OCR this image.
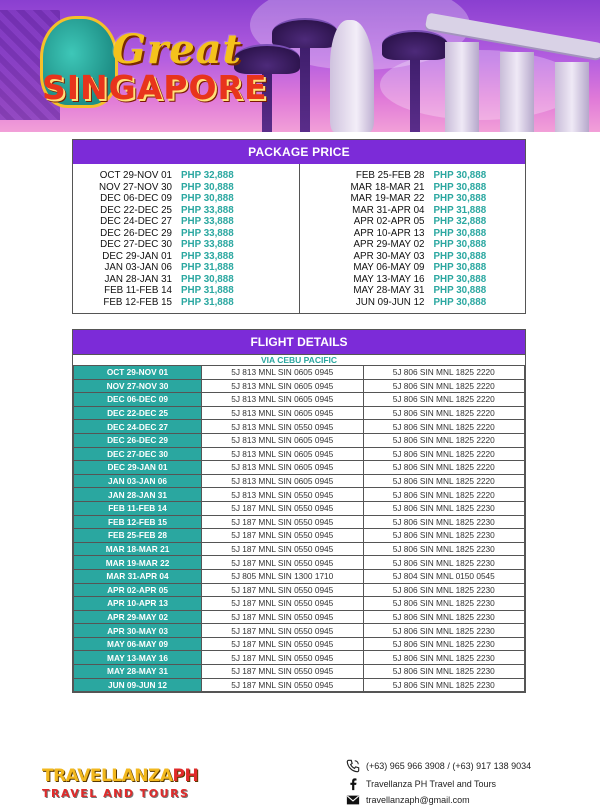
Great
SINGAPORE
PACKAGE PRICE
OCT 29-NOV 01 PHP 32,888
NOV 27-NOV 30 PHP 30,888
DEC 06-DEC 09 PHP 30,888
DEC 22-DEC 25 PHP 33,888
DEC 24-DEC 27 PHP 33,888
DEC 26-DEC 29 PHP 33,888
DEC 27-DEC 30 PHP 33,888
DEC 29-JAN 01 PHP 33,888
JAN 03-JAN 06 PHP 31,888
JAN 28-JAN 31 PHP 30,888
FEB 11-FEB 14 PHP 31,888
FEB 12-FEB 15 PHP 31,888
FEB 25-FEB 28 PHP 30,888
MAR 18-MAR 21 PHP 30,888
MAR 19-MAR 22 PHP 30,888
MAR 31-APR 04 PHP 31,888
APR 02-APR 05 PHP 32,888
APR 10-APR 13 PHP 30,888
APR 29-MAY 02 PHP 30,888
APR 30-MAY 03 PHP 30,888
MAY 06-MAY 09 PHP 30,888
MAY 13-MAY 16 PHP 30,888
MAY 28-MAY 31 PHP 30,888
JUN 09-JUN 12 PHP 30,888
FLIGHT DETAILS
VIA CEBU PACIFIC
OCT 29-NOV 01	5J 813 MNL SIN 0605 0945	5J 806 SIN MNL 1825 2220
NOV 27-NOV 30	5J 813 MNL SIN 0605 0945	5J 806 SIN MNL 1825 2220
DEC 06-DEC 09	5J 813 MNL SIN 0605 0945	5J 806 SIN MNL 1825 2220
DEC 22-DEC 25	5J 813 MNL SIN 0605 0945	5J 806 SIN MNL 1825 2220
DEC 24-DEC 27	5J 813 MNL SIN 0550 0945	5J 806 SIN MNL 1825 2220
DEC 26-DEC 29	5J 813 MNL SIN 0605 0945	5J 806 SIN MNL 1825 2220
DEC 27-DEC 30	5J 813 MNL SIN 0605 0945	5J 806 SIN MNL 1825 2220
DEC 29-JAN 01	5J 813 MNL SIN 0605 0945	5J 806 SIN MNL 1825 2220
JAN 03-JAN 06	5J 813 MNL SIN 0605 0945	5J 806 SIN MNL 1825 2220
JAN 28-JAN 31	5J 813 MNL SIN 0550 0945	5J 806 SIN MNL 1825 2220
FEB 11-FEB 14	5J 187 MNL SIN 0550 0945	5J 806 SIN MNL 1825 2230
FEB 12-FEB 15	5J 187 MNL SIN 0550 0945	5J 806 SIN MNL 1825 2230
FEB 25-FEB 28	5J 187 MNL SIN 0550 0945	5J 806 SIN MNL 1825 2230
MAR 18-MAR 21	5J 187 MNL SIN 0550 0945	5J 806 SIN MNL 1825 2230
MAR 19-MAR 22	5J 187 MNL SIN 0550 0945	5J 806 SIN MNL 1825 2230
MAR 31-APR 04	5J 805 MNL SIN 1300 1710	5J 804 SIN MNL 0150 0545
APR 02-APR 05	5J 187 MNL SIN 0550 0945	5J 806 SIN MNL 1825 2230
APR 10-APR 13	5J 187 MNL SIN 0550 0945	5J 806 SIN MNL 1825 2230
APR 29-MAY 02	5J 187 MNL SIN 0550 0945	5J 806 SIN MNL 1825 2230
APR 30-MAY 03	5J 187 MNL SIN 0550 0945	5J 806 SIN MNL 1825 2230
MAY 06-MAY 09	5J 187 MNL SIN 0550 0945	5J 806 SIN MNL 1825 2230
MAY 13-MAY 16	5J 187 MNL SIN 0550 0945	5J 806 SIN MNL 1825 2230
MAY 28-MAY 31	5J 187 MNL SIN 0550 0945	5J 806 SIN MNL 1825 2230
JUN 09-JUN 12	5J 187 MNL SIN 0550 0945	5J 806 SIN MNL 1825 2230
TRAVELLANZAPH
TRAVEL AND TOURS
(+63) 965 966 3908 / (+63) 917 138 9034
Travellanza PH Travel and Tours
travellanzaph@gmail.com
